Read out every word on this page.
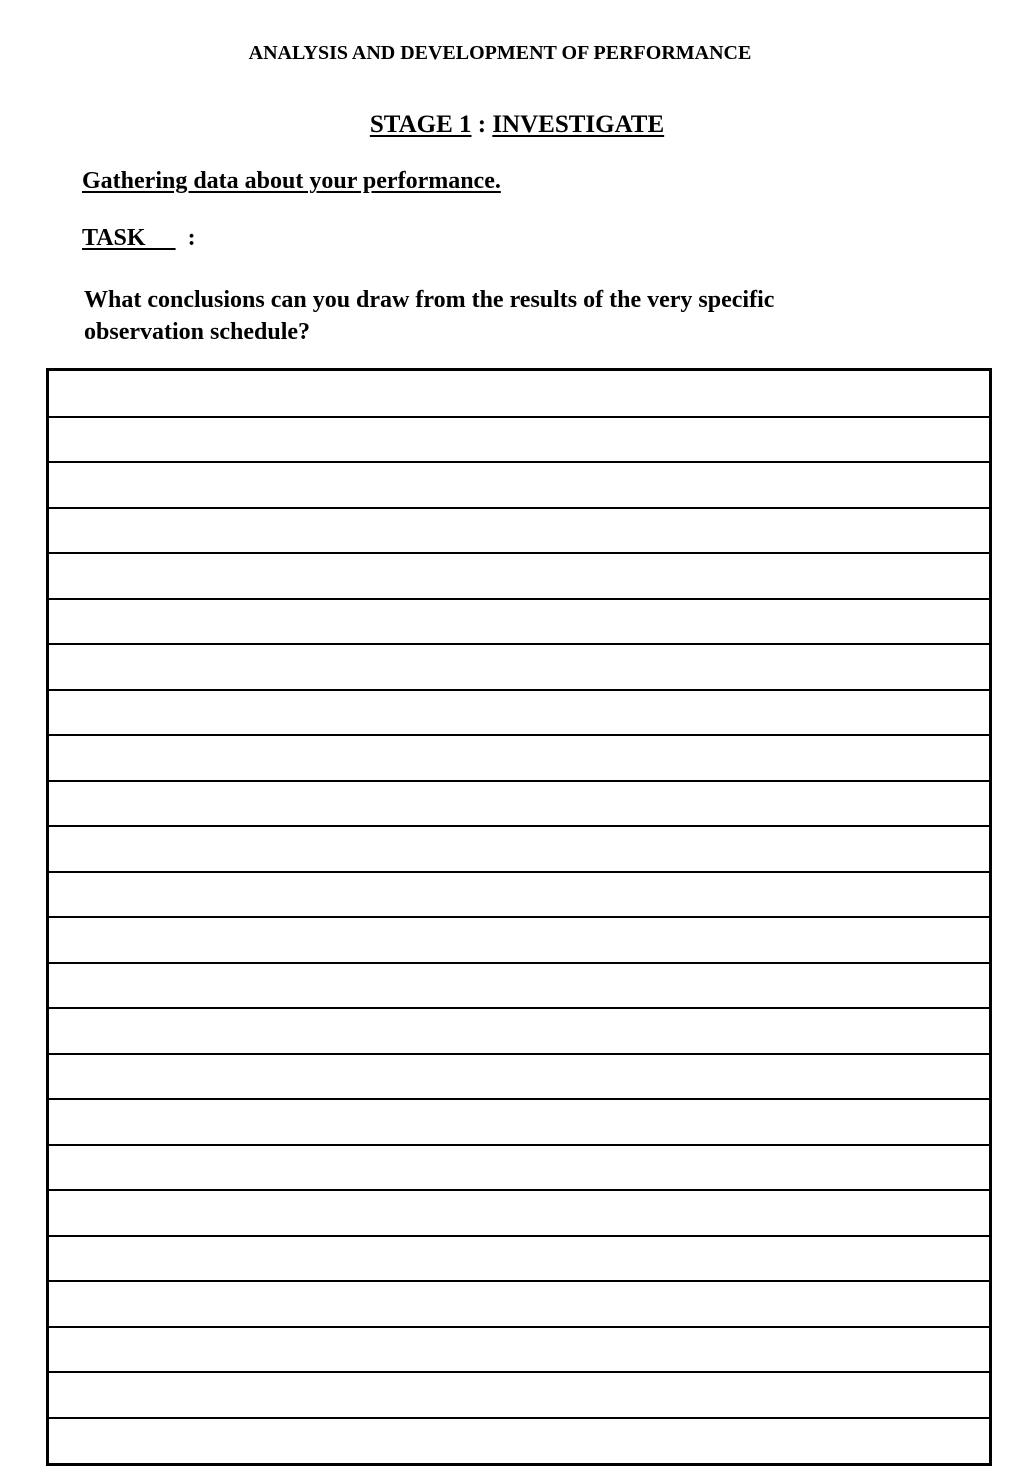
ANALYSIS AND DEVELOPMENT OF PERFORMANCE
STAGE 1 : INVESTIGATE
Gathering data about your performance.
TASK       :
What conclusions can you draw from the results of the very specific observation schedule?
